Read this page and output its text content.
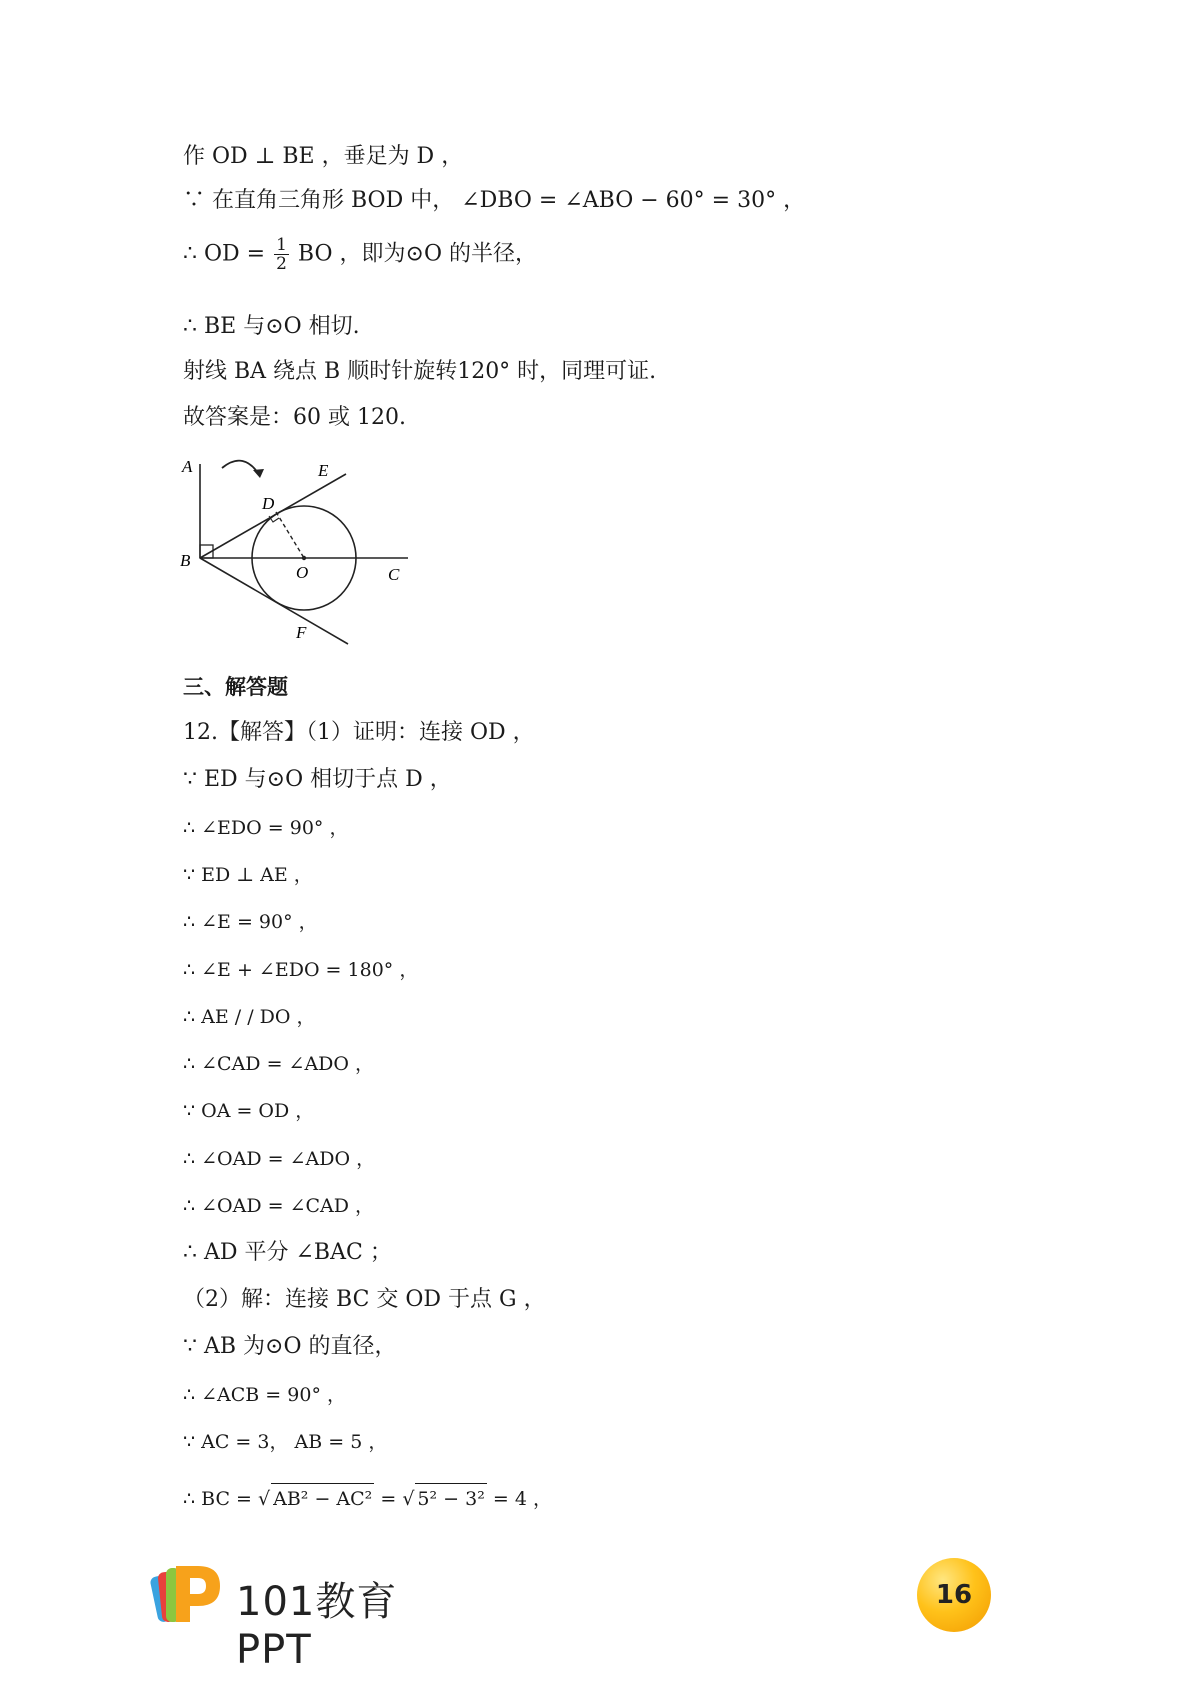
作 OD ⊥ BE ，垂足为 D ，
∵ 在直角三角形 BOD 中， ∠DBO = ∠ABO − 60° = 30° ，
∴ OD = $\frac{1}{2}$ BO ，即为⊙O 的半径，
∴ BE 与⊙O 相切.
射线 BA 绕点 B 顺时针旋转120° 时，同理可证.
故答案是：60 或 120.
A
B
C
D
E
F
O
三、解答题
12.【解答】（1）证明：连接 OD ，
∵ ED 与⊙O 相切于点 D ，
∴ ∠EDO = 90° ，
∵ ED ⊥ AE ，
∴ ∠E = 90° ，
∴ ∠E + ∠EDO = 180° ，
∴ AE / / DO ，
∴ ∠CAD = ∠ADO ，
∵ OA = OD ，
∴ ∠OAD = ∠ADO ，
∴ ∠OAD = ∠CAD ，
∴ AD 平分 ∠BAC ；
（2）解：连接 BC 交 OD 于点 G ，
∵ AB 为⊙O 的直径，
∴ ∠ACB = 90° ，
∵ AC = 3， AB = 5 ，
∴ BC = √ AB² − AC² = √ 5² − 3² = 4 ，
101教育PPT
16
